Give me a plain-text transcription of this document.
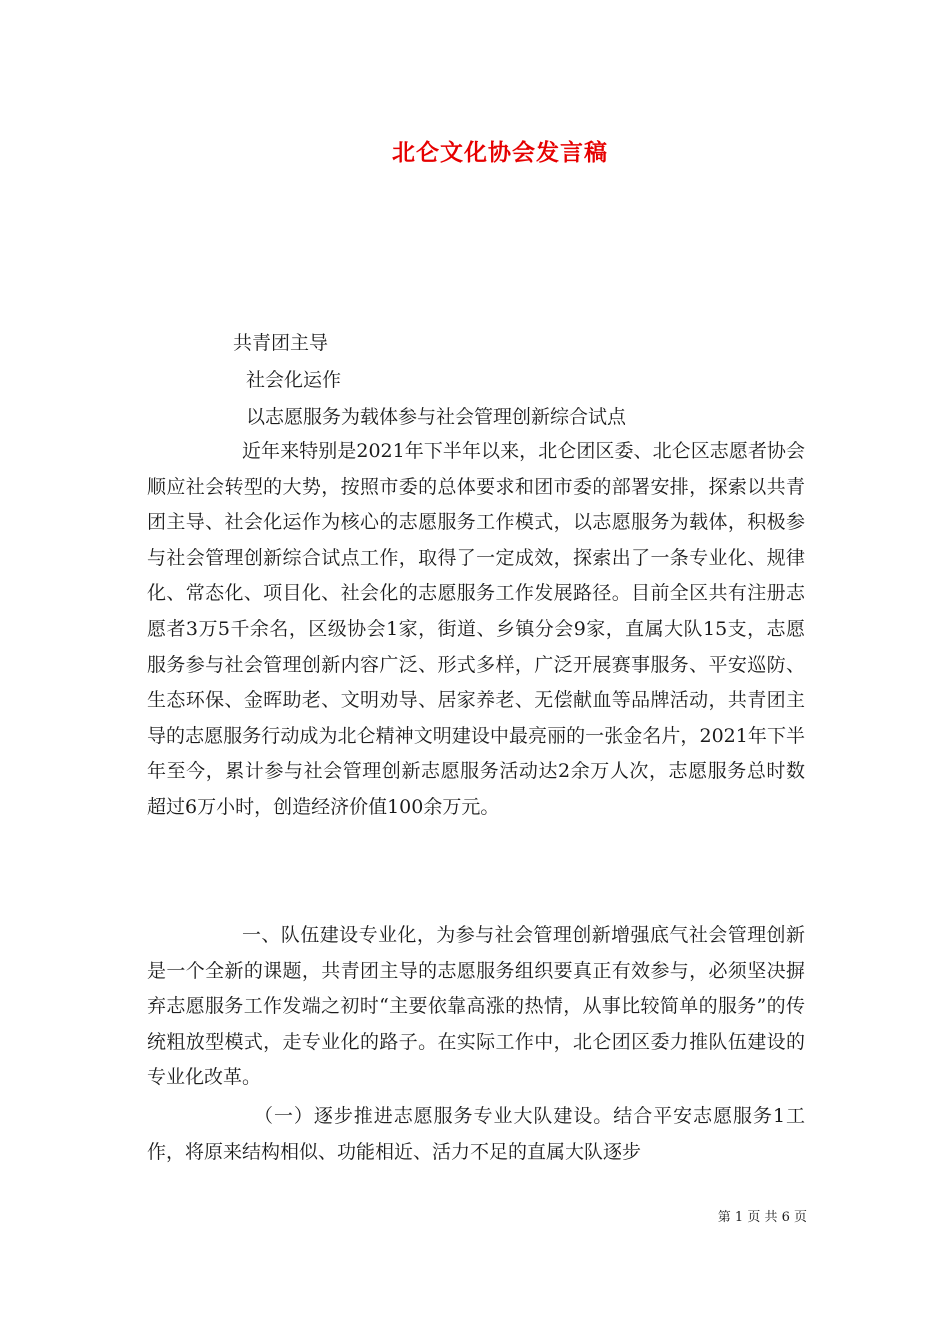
北仑文化协会发言稿
共青团主导
社会化运作
以志愿服务为载体参与社会管理创新综合试点

近年来特别是2021年下半年以来，北仑团区委、北仑区志愿者协会顺应社会转型的大势，按照市委的总体要求和团市委的部署安排，探索以共青团主导、社会化运作为核心的志愿服务工作模式，以志愿服务为载体，积极参与社会管理创新综合试点工作，取得了一定成效，探索出了一条专业化、规律化、常态化、项目化、社会化的志愿服务工作发展路径。目前全区共有注册志愿者3万5千余名，区级协会1家，街道、乡镇分会9家，直属大队15支，志愿服务参与社会管理创新内容广泛、形式多样，广泛开展赛事服务、平安巡防、生态环保、金晖助老、文明劝导、居家养老、无偿献血等品牌活动，共青团主导的志愿服务行动成为北仑精神文明建设中最亮丽的一张金名片，2021年下半年至今，累计参与社会管理创新志愿服务活动达2余万人次，志愿服务总时数超过6万小时，创造经济价值100余万元。

一、队伍建设专业化，为参与社会管理创新增强底气社会管理创新是一个全新的课题，共青团主导的志愿服务组织要真正有效参与，必须坚决摒弃志愿服务工作发端之初时“主要依靠高涨的热情，从事比较简单的服务”的传统粗放型模式，走专业化的路子。在实际工作中，北仑团区委力推队伍建设的专业化改革。

（一）逐步推进志愿服务专业大队建设。结合平安志愿服务1工作，将原来结构相似、功能相近、活力不足的直属大队逐步

第 1 页 共 6 页
